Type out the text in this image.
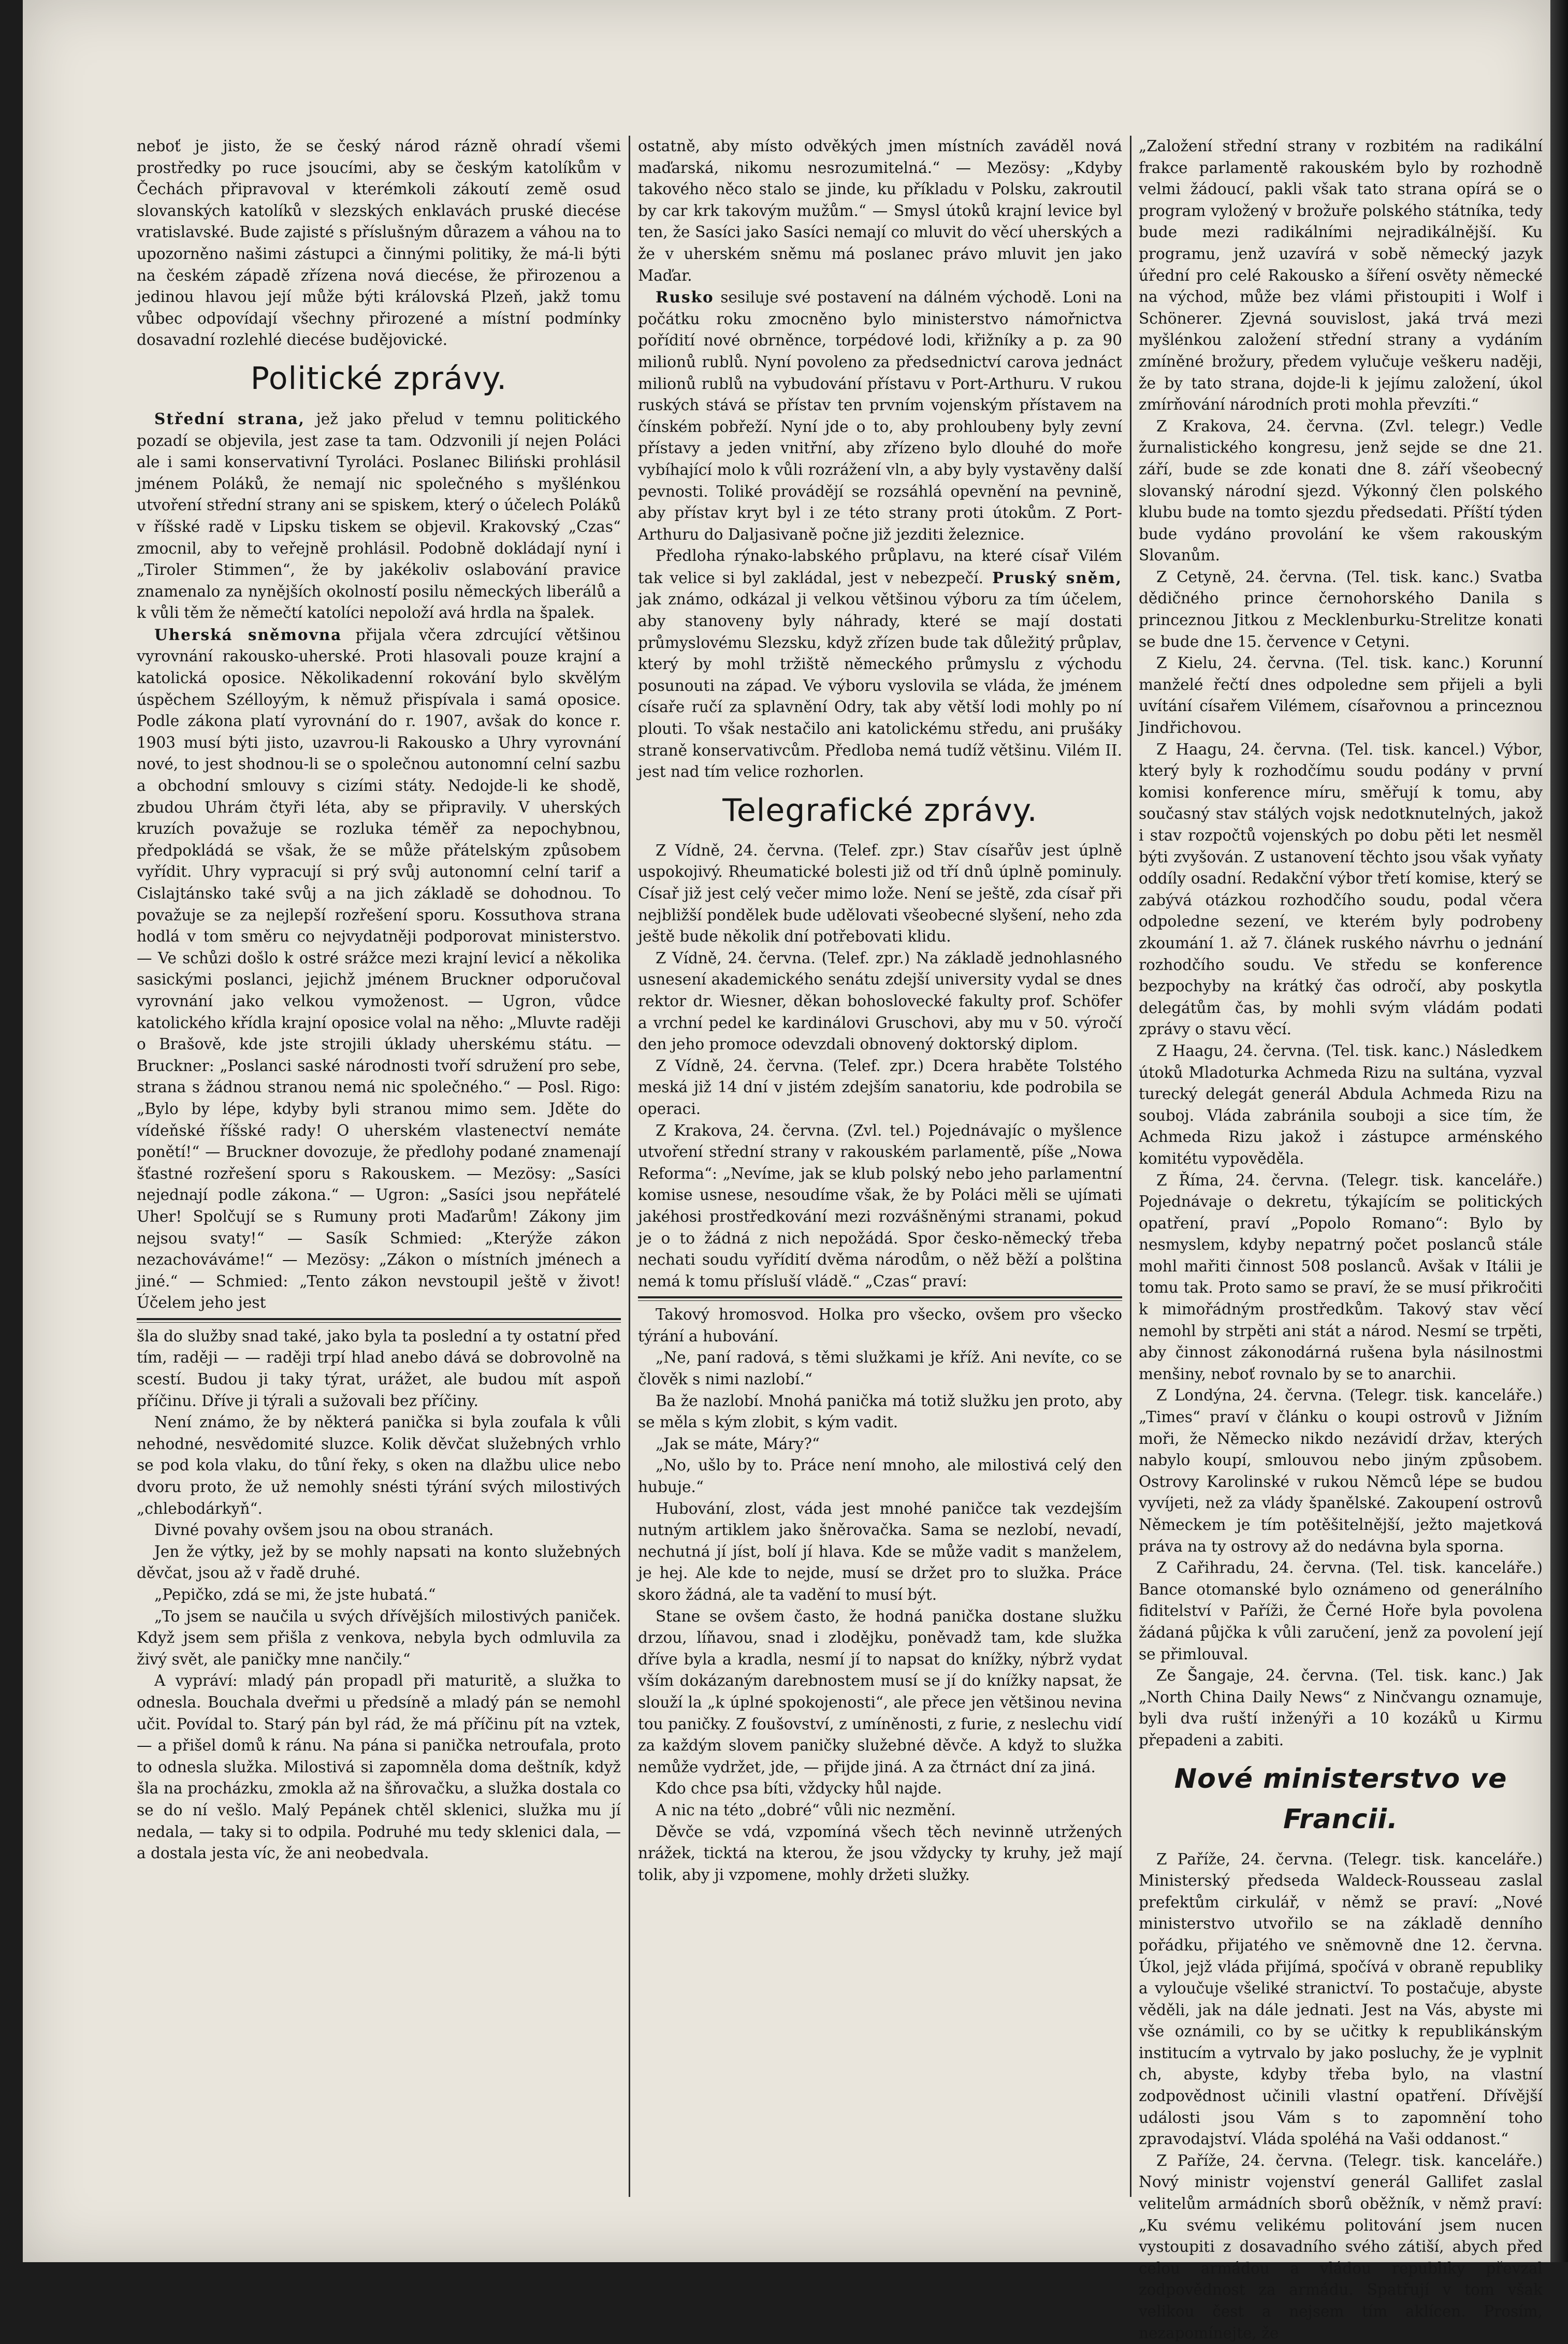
neboť je jisto, že se český národ rázně ohradí všemi prostředky po ruce jsoucími, aby se českým katolíkům v Čechách připravoval v kterémkoli zákoutí země osud slovanských katolíků v slezských enklavách pruské diecése vratislavské. Bude zajisté s příslušným důrazem a váhou na to upozorněno našimi zástupci a činnými politiky, že má-li býti na českém západě zřízena nová diecése, že přirozenou a jedinou hlavou její může býti královská Plzeň, jakž tomu vůbec odpovídají všechny přirozené a místní podmínky dosavadní rozlehlé diecése budějovické.

Politické zprávy.

Střední strana, jež jako přelud v temnu politického pozadí se objevila, jest zase ta tam. Odzvonili jí nejen Poláci ale i sami konservativní Tyroláci. Poslanec Biliński prohlásil jménem Poláků, že nemají nic společného s myšlénkou utvoření střední strany ani se spiskem, který o účelech Poláků v říšské radě v Lipsku tiskem se objevil. Krakovský „Czas“ zmocnil, aby to veřejně prohlásil. Podobně dokládají nyní i „Tiroler Stimmen“, že by jakékoliv oslabování pravice znamenalo za nynějších okolností posilu německých liberálů a k vůli těm že němečtí katolíci nepoloží avá hrdla na špalek.

Uherská sněmovna přijala včera zdrcující většinou vyrovnání rakousko-uherské. Proti hlasovali pouze krajní a katolická oposice. Několikadenní rokování bylo skvělým úspěchem Szélloyým, k němuž přispívala i samá oposice. Podle zákona platí vyrovnání do r. 1907, avšak do konce r. 1903 musí býti jisto, uzavrou-li Rakousko a Uhry vyrovnání nové, to jest shodnou-li se o společnou autonomní celní sazbu a obchodní smlouvy s cizími státy. Nedojde-li ke shodě, zbudou Uhrám čtyři léta, aby se připravily. V uherských kruzích považuje se rozluka téměř za nepochybnou, předpokládá se však, že se může přátelským způsobem vyřídit. Uhry vypracují si prý svůj autonomní celní tarif a Cislajtánsko také svůj a na jich základě se dohodnou. To považuje se za nejlepší rozřešení sporu. Kossuthova strana hodlá v tom směru co nejvydatněji podporovat ministerstvo. — Ve schůzi došlo k ostré srážce mezi krajní levicí a několika sasickými poslanci, jejichž jménem Bruckner odporučoval vyrovnání jako velkou vymoženost. — Ugron, vůdce katolického křídla krajní oposice volal na něho: „Mluvte raději o Brašově, kde jste strojili úklady uherskému státu. — Bruckner: „Poslanci saské národnosti tvoří sdružení pro sebe, strana s žádnou stranou nemá nic společného.“ — Posl. Rigo: „Bylo by lépe, kdyby byli stranou mimo sem. Jděte do vídeňské říšské rady! O uherském vlastenectví nemáte ponětí!“ — Bruckner dovozuje, že předlohy podané znamenají šťastné rozřešení sporu s Rakouskem. — Mezösy: „Sasíci nejednají podle zákona.“ — Ugron: „Sasíci jsou nepřátelé Uher! Spolčují se s Rumuny proti Maďarům! Zákony jim nejsou svaty!“ — Sasík Schmied: „Kterýže zákon nezachováváme!“ — Mezösy: „Zákon o místních jménech a jiné.“ — Schmied: „Tento zákon nevstoupil ještě v život! Účelem jeho jest

šla do služby snad také, jako byla ta poslední a ty ostatní před tím, raději — — raději trpí hlad anebo dává se dobrovolně na scestí. Budou ji taky týrat, urážet, ale budou mít aspoň příčinu. Dříve ji týrali a sužovali bez příčiny.

Není známo, že by některá panička si byla zoufala k vůli nehodné, nesvědomité sluzce. Kolik děvčat služebných vrhlo se pod kola vlaku, do tůní řeky, s oken na dlažbu ulice nebo dvoru proto, že už nemohly snésti týrání svých milostivých „chlebodárkyň“.

Divné povahy ovšem jsou na obou stranách.

Jen že výtky, jež by se mohly napsati na konto služebných děvčat, jsou až v řadě druhé.

„Pepičko, zdá se mi, že jste hubatá.“

„To jsem se naučila u svých dřívějších milostivých paniček. Když jsem sem přišla z venkova, nebyla bych odmluvila za živý svět, ale paničky mne nančily.“

A vypráví: mladý pán propadl při maturitě, a služka to odnesla. Bouchala dveřmi u předsíně a mladý pán se nemohl učit. Povídal to. Starý pán byl rád, že má příčinu pít na vztek, — a přišel domů k ránu. Na pána si panička netroufala, proto to odnesla služka. Milostivá si zapomněla doma deštník, když šla na procházku, zmokla až na šňrovačku, a služka dostala co se do ní vešlo. Malý Pepánek chtěl sklenici, služka mu jí nedala, — taky si to odpila. Podruhé mu tedy sklenici dala, — a dostala jesta víc, že ani neobedvala.

ostatně, aby místo odvěkých jmen místních zaváděl nová maďarská, nikomu nesrozumitelná.“ — Mezösy: „Kdyby takového něco stalo se jinde, ku příkladu v Polsku, zakroutil by car krk takovým mužům.“ — Smysl útoků krajní levice byl ten, že Sasíci jako Sasíci nemají co mluvit do věcí uherských a že v uherském sněmu má poslanec právo mluvit jen jako Maďar.

Rusko sesiluje své postavení na dálném východě. Loni na počátku roku zmocněno bylo ministerstvo námořnictva pořídití nové obrněnce, torpédové lodi, křižníky a p. za 90 milionů rublů. Nyní povoleno za předsednictví carova jednáct milionů rublů na vybudování přístavu v Port-Arthuru. V rukou ruských stává se přístav ten prvním vojenským přístavem na čínském pobřeží. Nyní jde o to, aby prohloubeny byly zevní přístavy a jeden vnitřní, aby zřízeno bylo dlouhé do moře vybíhající molo k vůli rozrážení vln, a aby byly vystavěny další pevnosti. Toliké provádějí se rozsáhlá opevnění na pevnině, aby přístav kryt byl i ze této strany proti útokům. Z Port-Arthuru do Daljasivaně počne již jezditi železnice.

Předloha rýnako-labského průplavu, na které císař Vilém tak velice si byl zakládal, jest v nebezpečí. Pruský sněm, jak známo, odkázal ji velkou většinou výboru za tím účelem, aby stanoveny byly náhrady, které se mají dostati průmyslovému Slezsku, když zřízen bude tak důležitý průplav, který by mohl tržiště německého průmyslu z východu posunouti na západ. Ve výboru vyslovila se vláda, že jménem císaře ručí za splavnění Odry, tak aby větší lodi mohly po ní plouti. To však nestačilo ani katolickému středu, ani prušáky straně konservativcům. Předloba nemá tudíž většinu. Vilém II. jest nad tím velice rozhorlen.

Telegrafické zprávy.

Z Vídně, 24. června. (Telef. zpr.) Stav císařův jest úplně uspokojivý. Rheumatické bolesti již od tří dnů úplně pominuly. Císař již jest celý večer mimo lože. Není se ještě, zda císař při nejbližší pondělek bude udělovati všeobecné slyšení, neho zda ještě bude několik dní potřebovati klidu.

Z Vídně, 24. června. (Telef. zpr.) Na základě jednohlasného usnesení akademického senátu zdejší university vydal se dnes rektor dr. Wiesner, děkan bohoslovecké fakulty prof. Schöfer a vrchní pedel ke kardinálovi Gruschovi, aby mu v 50. výročí den jeho promoce odevzdali obnovený doktorský diplom.

Z Vídně, 24. června. (Telef. zpr.) Dcera hraběte Tolstého meská již 14 dní v jistém zdejším sanatoriu, kde podrobila se operaci.

Z Krakova, 24. června. (Zvl. tel.) Pojednávajíc o myšlence utvoření střední strany v rakouském parlamentě, píše „Nowa Reforma“: „Nevíme, jak se klub polský nebo jeho parlamentní komise usnese, nesoudíme však, že by Poláci měli se ujímati jakéhosi prostředkování mezi rozvášněnými stranami, pokud je o to žádná z nich nepožádá. Spor česko-německý třeba nechati soudu vyřídití dvěma národům, o něž běží a polština nemá k tomu přísluší vládě.“ „Czas“ praví:

Takový hromosvod. Holka pro všecko, ovšem pro všecko týrání a hubování.

„Ne, paní radová, s těmi služkami je kříž. Ani nevíte, co se člověk s nimi nazlobí.“

Ba že nazlobí. Mnohá panička má totiž služku jen proto, aby se měla s kým zlobit, s kým vadit.

„Jak se máte, Máry?“

„No, ušlo by to. Práce není mnoho, ale milostivá celý den hubuje.“

Hubování, zlost, váda jest mnohé paničce tak vezdejším nutným artiklem jako šněrovačka. Sama se nezlobí, nevadí, nechutná jí jíst, bolí jí hlava. Kde se může vadit s manželem, je hej. Ale kde to nejde, musí se držet pro to služka. Práce skoro žádná, ale ta vadění to musí být.

Stane se ovšem často, že hodná panička dostane služku drzou, líňavou, snad i zlodějku, poněvadž tam, kde služka dříve byla a kradla, nesmí jí to napsat do knížky, nýbrž vydat vším dokázaným darebnostem musí se jí do knížky napsat, že slouží la „k úplné spokojenosti“, ale přece jen většinou nevina tou paničky. Z foušovství, z umíněnosti, z furie, z neslechu vidí za každým slovem paničky služebné děvče. A když to služka nemůže vydržet, jde, — přijde jiná. A za čtrnáct dní za jiná.

Kdo chce psa bíti, vždycky hůl najde.

A nic na této „dobré“ vůli nic nezmění.

Děvče se vdá, vzpomíná všech těch nevinně utržených nrážek, ticktá na kterou, že jsou vždycky ty kruhy, jež mají tolik, aby ji vzpomene, mohly držeti služky.

„Založení střední strany v rozbitém na radikální frakce parlamentě rakouském bylo by rozhodně velmi žádoucí, pakli však tato strana opírá se o program vyložený v brožuře polského státníka, tedy bude mezi radikálními nejradikálnější. Ku programu, jenž uzavírá v sobě německý jazyk úřední pro celé Rakousko a šíření osvěty německé na východ, může bez vlámi přistoupiti i Wolf i Schönerer. Zjevná souvislost, jaká trvá mezi myšlénkou založení střední strany a vydáním zmíněné brožury, předem vylučuje veškeru naději, že by tato strana, dojde-li k jejímu založení, úkol zmírňování národních proti mohla převzíti.“

Z Krakova, 24. června. (Zvl. telegr.) Vedle žurnalistického kongresu, jenž sejde se dne 21. září, bude se zde konati dne 8. září všeobecný slovanský národní sjezd. Výkonný člen polského klubu bude na tomto sjezdu předsedati. Příští týden bude vydáno provolání ke všem rakouským Slovanům.

Z Cetyně, 24. června. (Tel. tisk. kanc.) Svatba dědičného prince černohorského Danila s princeznou Jitkou z Mecklenburku-Strelitze konati se bude dne 15. července v Cetyni.

Z Kielu, 24. června. (Tel. tisk. kanc.) Korunní manželé řečtí dnes odpoledne sem přijeli a byli uvítání císařem Vilémem, císařovnou a princeznou Jindřichovou.

Z Haagu, 24. června. (Tel. tisk. kancel.) Výbor, který byly k rozhodčímu soudu podány v první komisi konference míru, směřují k tomu, aby současný stav stálých vojsk nedotknutelných, jakož i stav rozpočtů vojenských po dobu pěti let nesměl býti zvyšován. Z ustanovení těchto jsou však vyňaty oddíly osadní. Redakční výbor třetí komise, který se zabývá otázkou rozhodčího soudu, podal včera odpoledne sezení, ve kterém byly podrobeny zkoumání 1. až 7. článek ruského návrhu o jednání rozhodčího soudu. Ve středu se konference bezpochyby na krátký čas odročí, aby poskytla delegátům čas, by mohli svým vládám podati zprávy o stavu věcí.

Z Haagu, 24. června. (Tel. tisk. kanc.) Následkem útoků Mladoturka Achmeda Rizu na sultána, vyzval turecký delegát generál Abdula Achmeda Rizu na souboj. Vláda zabránila souboji a sice tím, že Achmeda Rizu jakož i zástupce arménského komitétu vypověděla.

Z Říma, 24. června. (Telegr. tisk. kanceláře.) Pojednávaje o dekretu, týkajícím se politických opatření, praví „Popolo Romano“: Bylo by nesmyslem, kdyby nepatrný počet poslanců stále mohl mařiti činnost 508 poslanců. Avšak v Itálii je tomu tak. Proto samo se praví, že se musí přikročiti k mimořádným prostředkům. Takový stav věcí nemohl by strpěti ani stát a národ. Nesmí se trpěti, aby činnost zákonodárná rušena byla násilnostmi menšiny, neboť rovnalo by se to anarchii.

Z Londýna, 24. června. (Telegr. tisk. kanceláře.) „Times“ praví v článku o koupi ostrovů v Jižním moři, že Německo nikdo nezávidí držav, kterých nabylo koupí, smlouvou nebo jiným způsobem. Ostrovy Karolinské v rukou Němců lépe se budou vyvíjeti, než za vlády španělské. Zakoupení ostrovů Německem je tím potěšitelnější, ježto majetková práva na ty ostrovy až do nedávna byla sporna.

Z Cařihradu, 24. června. (Tel. tisk. kanceláře.) Bance otomanské bylo oznámeno od generálního fiditelství v Paříži, že Černé Hoře byla povolena žádaná půjčka k vůli zaručení, jenž za povolení její se přimlouval.

Ze Šangaje, 24. června. (Tel. tisk. kanc.) Jak „North China Daily News“ z Ninčvangu oznamuje, byli dva ruští inženýři a 10 kozáků u Kirmu přepadeni a zabiti.

Nové ministerstvo ve Francii.

Z Paříže, 24. června. (Telegr. tisk. kanceláře.) Ministerský předseda Waldeck-Rousseau zaslal prefektům cirkulář, v němž se praví: „Nové ministerstvo utvořilo se na základě denního pořádku, přijatého ve sněmovně dne 12. června. Úkol, jejž vláda přijímá, spočívá v obraně republiky a vyloučuje všeliké stranictví. To postačuje, abyste věděli, jak na dále jednati. Jest na Vás, abyste mi vše oznámili, co by se učitky k republikánským institucím a vytrvalo by jako posluchy, že je vyplnit ch, abyste, kdyby třeba bylo, na vlastní zodpovědnost učinili vlastní opatření. Dřívější události jsou Vám s to zapomnění toho zpravodajství. Vláda spoléhá na Vaši oddanost.“

Z Paříže, 24. června. (Telegr. tisk. kanceláře.) Nový ministr vojenství generál Gallifet zaslal velitelům armádních sborů oběžník, v němž praví: „Ku svému velikému politování jsem nucen vystoupiti z dosavadního svého zátiší, abych před celou armádou a vládou republiky převzal zodpovědnost za armádu. Spatřují v tom však velikou čest a nejsem tím aklícen. Prosím, nezapomínejte, že
